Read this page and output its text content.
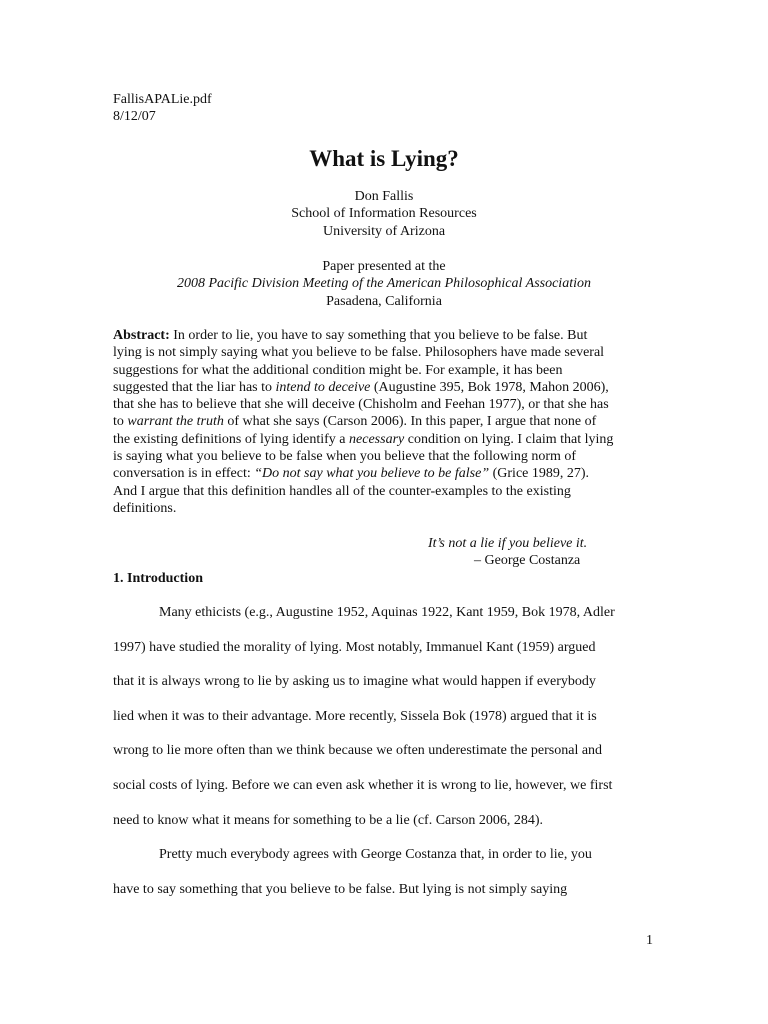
FallisAPALie.pdf
8/12/07
What is Lying?
Don Fallis
School of Information Resources
University of Arizona
Paper presented at the
2008 Pacific Division Meeting of the American Philosophical Association
Pasadena, California
Abstract: In order to lie, you have to say something that you believe to be false. But
lying is not simply saying what you believe to be false. Philosophers have made several
suggestions for what the additional condition might be. For example, it has been
suggested that the liar has to intend to deceive (Augustine 395, Bok 1978, Mahon 2006),
that she has to believe that she will deceive (Chisholm and Feehan 1977), or that she has
to warrant the truth of what she says (Carson 2006). In this paper, I argue that none of
the existing definitions of lying identify a necessary condition on lying. I claim that lying
is saying what you believe to be false when you believe that the following norm of
conversation is in effect: “Do not say what you believe to be false” (Grice 1989, 27).
And I argue that this definition handles all of the counter-examples to the existing
definitions.
It’s not a lie if you believe it.
– George Costanza
1. Introduction
Many ethicists (e.g., Augustine 1952, Aquinas 1922, Kant 1959, Bok 1978, Adler
1997) have studied the morality of lying. Most notably, Immanuel Kant (1959) argued
that it is always wrong to lie by asking us to imagine what would happen if everybody
lied when it was to their advantage. More recently, Sissela Bok (1978) argued that it is
wrong to lie more often than we think because we often underestimate the personal and
social costs of lying. Before we can even ask whether it is wrong to lie, however, we first
need to know what it means for something to be a lie (cf. Carson 2006, 284).
Pretty much everybody agrees with George Costanza that, in order to lie, you
have to say something that you believe to be false. But lying is not simply saying
1
